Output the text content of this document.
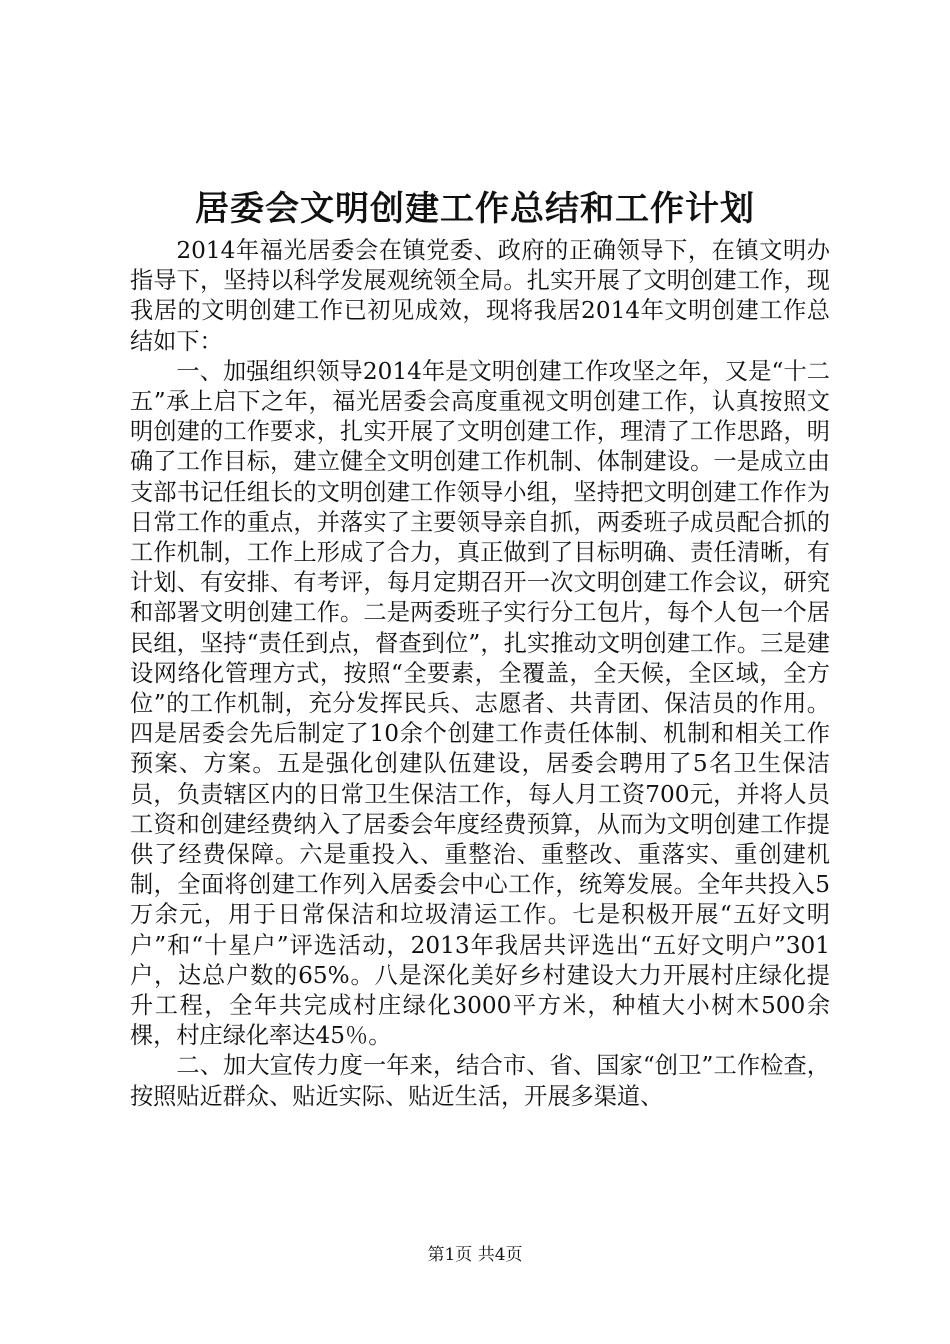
居委会文明创建工作总结和工作计划

2014年福光居委会在镇党委、政府的正确领导下，在镇文明办指导下，坚持以科学发展观统领全局。扎实开展了文明创建工作，现我居的文明创建工作已初见成效，现将我居2014年文明创建工作总结如下：

一、加强组织领导2014年是文明创建工作攻坚之年，又是“十二五”承上启下之年，福光居委会高度重视文明创建工作，认真按照文明创建的工作要求，扎实开展了文明创建工作，理清了工作思路，明确了工作目标，建立健全文明创建工作机制、体制建设。一是成立由支部书记任组长的文明创建工作领导小组，坚持把文明创建工作作为日常工作的重点，并落实了主要领导亲自抓，两委班子成员配合抓的工作机制，工作上形成了合力，真正做到了目标明确、责任清晰，有计划、有安排、有考评，每月定期召开一次文明创建工作会议，研究和部署文明创建工作。二是两委班子实行分工包片，每个人包一个居民组，坚持“责任到点，督查到位”，扎实推动文明创建工作。三是建设网络化管理方式，按照“全要素，全覆盖，全天候，全区域，全方位”的工作机制，充分发挥民兵、志愿者、共青团、保洁员的作用。四是居委会先后制定了10余个创建工作责任体制、机制和相关工作预案、方案。五是强化创建队伍建设，居委会聘用了5名卫生保洁员，负责辖区内的日常卫生保洁工作，每人月工资700元，并将人员工资和创建经费纳入了居委会年度经费预算，从而为文明创建工作提供了经费保障。六是重投入、重整治、重整改、重落实、重创建机制，全面将创建工作列入居委会中心工作，统筹发展。全年共投入5万余元，用于日常保洁和垃圾清运工作。七是积极开展“五好文明户”和“十星户”评选活动，2013年我居共评选出“五好文明户”301户，达总户数的65%。八是深化美好乡村建设大力开展村庄绿化提升工程，全年共完成村庄绿化3000平方米，种植大小树木500余棵，村庄绿化率达45％。

二、加大宣传力度一年来，结合市、省、国家“创卫”工作检查，按照贴近群众、贴近实际、贴近生活，开展多渠道、

第1页 共4页
